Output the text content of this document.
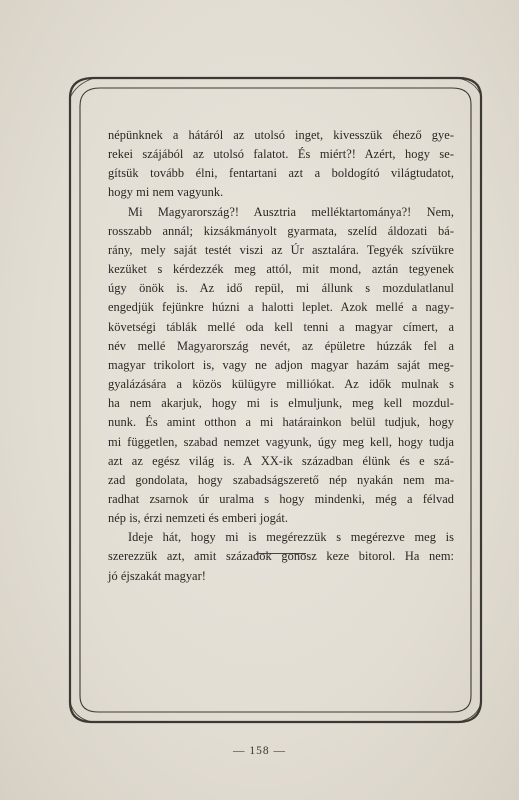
népünknek a hátáról az utolsó inget, kivesszük éhező gye-
rekei szájából az utolsó falatot. És miért?! Azért, hogy se-
gítsük tovább élni, fentartani azt a boldogító világtudatot,
hogy mi nem vagyunk.

Mi Magyarország?! Ausztria melléktartománya?! Nem,
rosszabb annál; kizsákmányolt gyarmata, szelíd áldozati bá-
rány, mely saját testét viszi az Úr asztalára. Tegyék szívükre
kezüket s kérdezzék meg attól, mit mond, aztán tegyenek
úgy önök is. Az idő repül, mi állunk s mozdulatlanul
engedjük fejünkre húzni a halotti leplet. Azok mellé a nagy-
követségi táblák mellé oda kell tenni a magyar címert, a
név mellé Magyarország nevét, az épületre húzzák fel a
magyar trikolort is, vagy ne adjon magyar hazám saját meg-
gyalázására a közös külügyre milliókat. Az idők mulnak s
ha nem akarjuk, hogy mi is elmuljunk, meg kell mozdul-
nunk. És amint otthon a mi határainkon belül tudjuk, hogy
mi független, szabad nemzet vagyunk, úgy meg kell, hogy tudja
azt az egész világ is. A XX-ik században élünk és e szá-
zad gondolata, hogy szabadságszerető nép nyakán nem ma-
radhat zsarnok úr uralma s hogy mindenki, még a félvad
nép is, érzi nemzeti és emberi jogát.

Ideje hát, hogy mi is megérezzük s megérezve meg is
szerezzük azt, amit századok gonosz keze bitorol. Ha nem:
jó éjszakát magyar!

— 158 —
